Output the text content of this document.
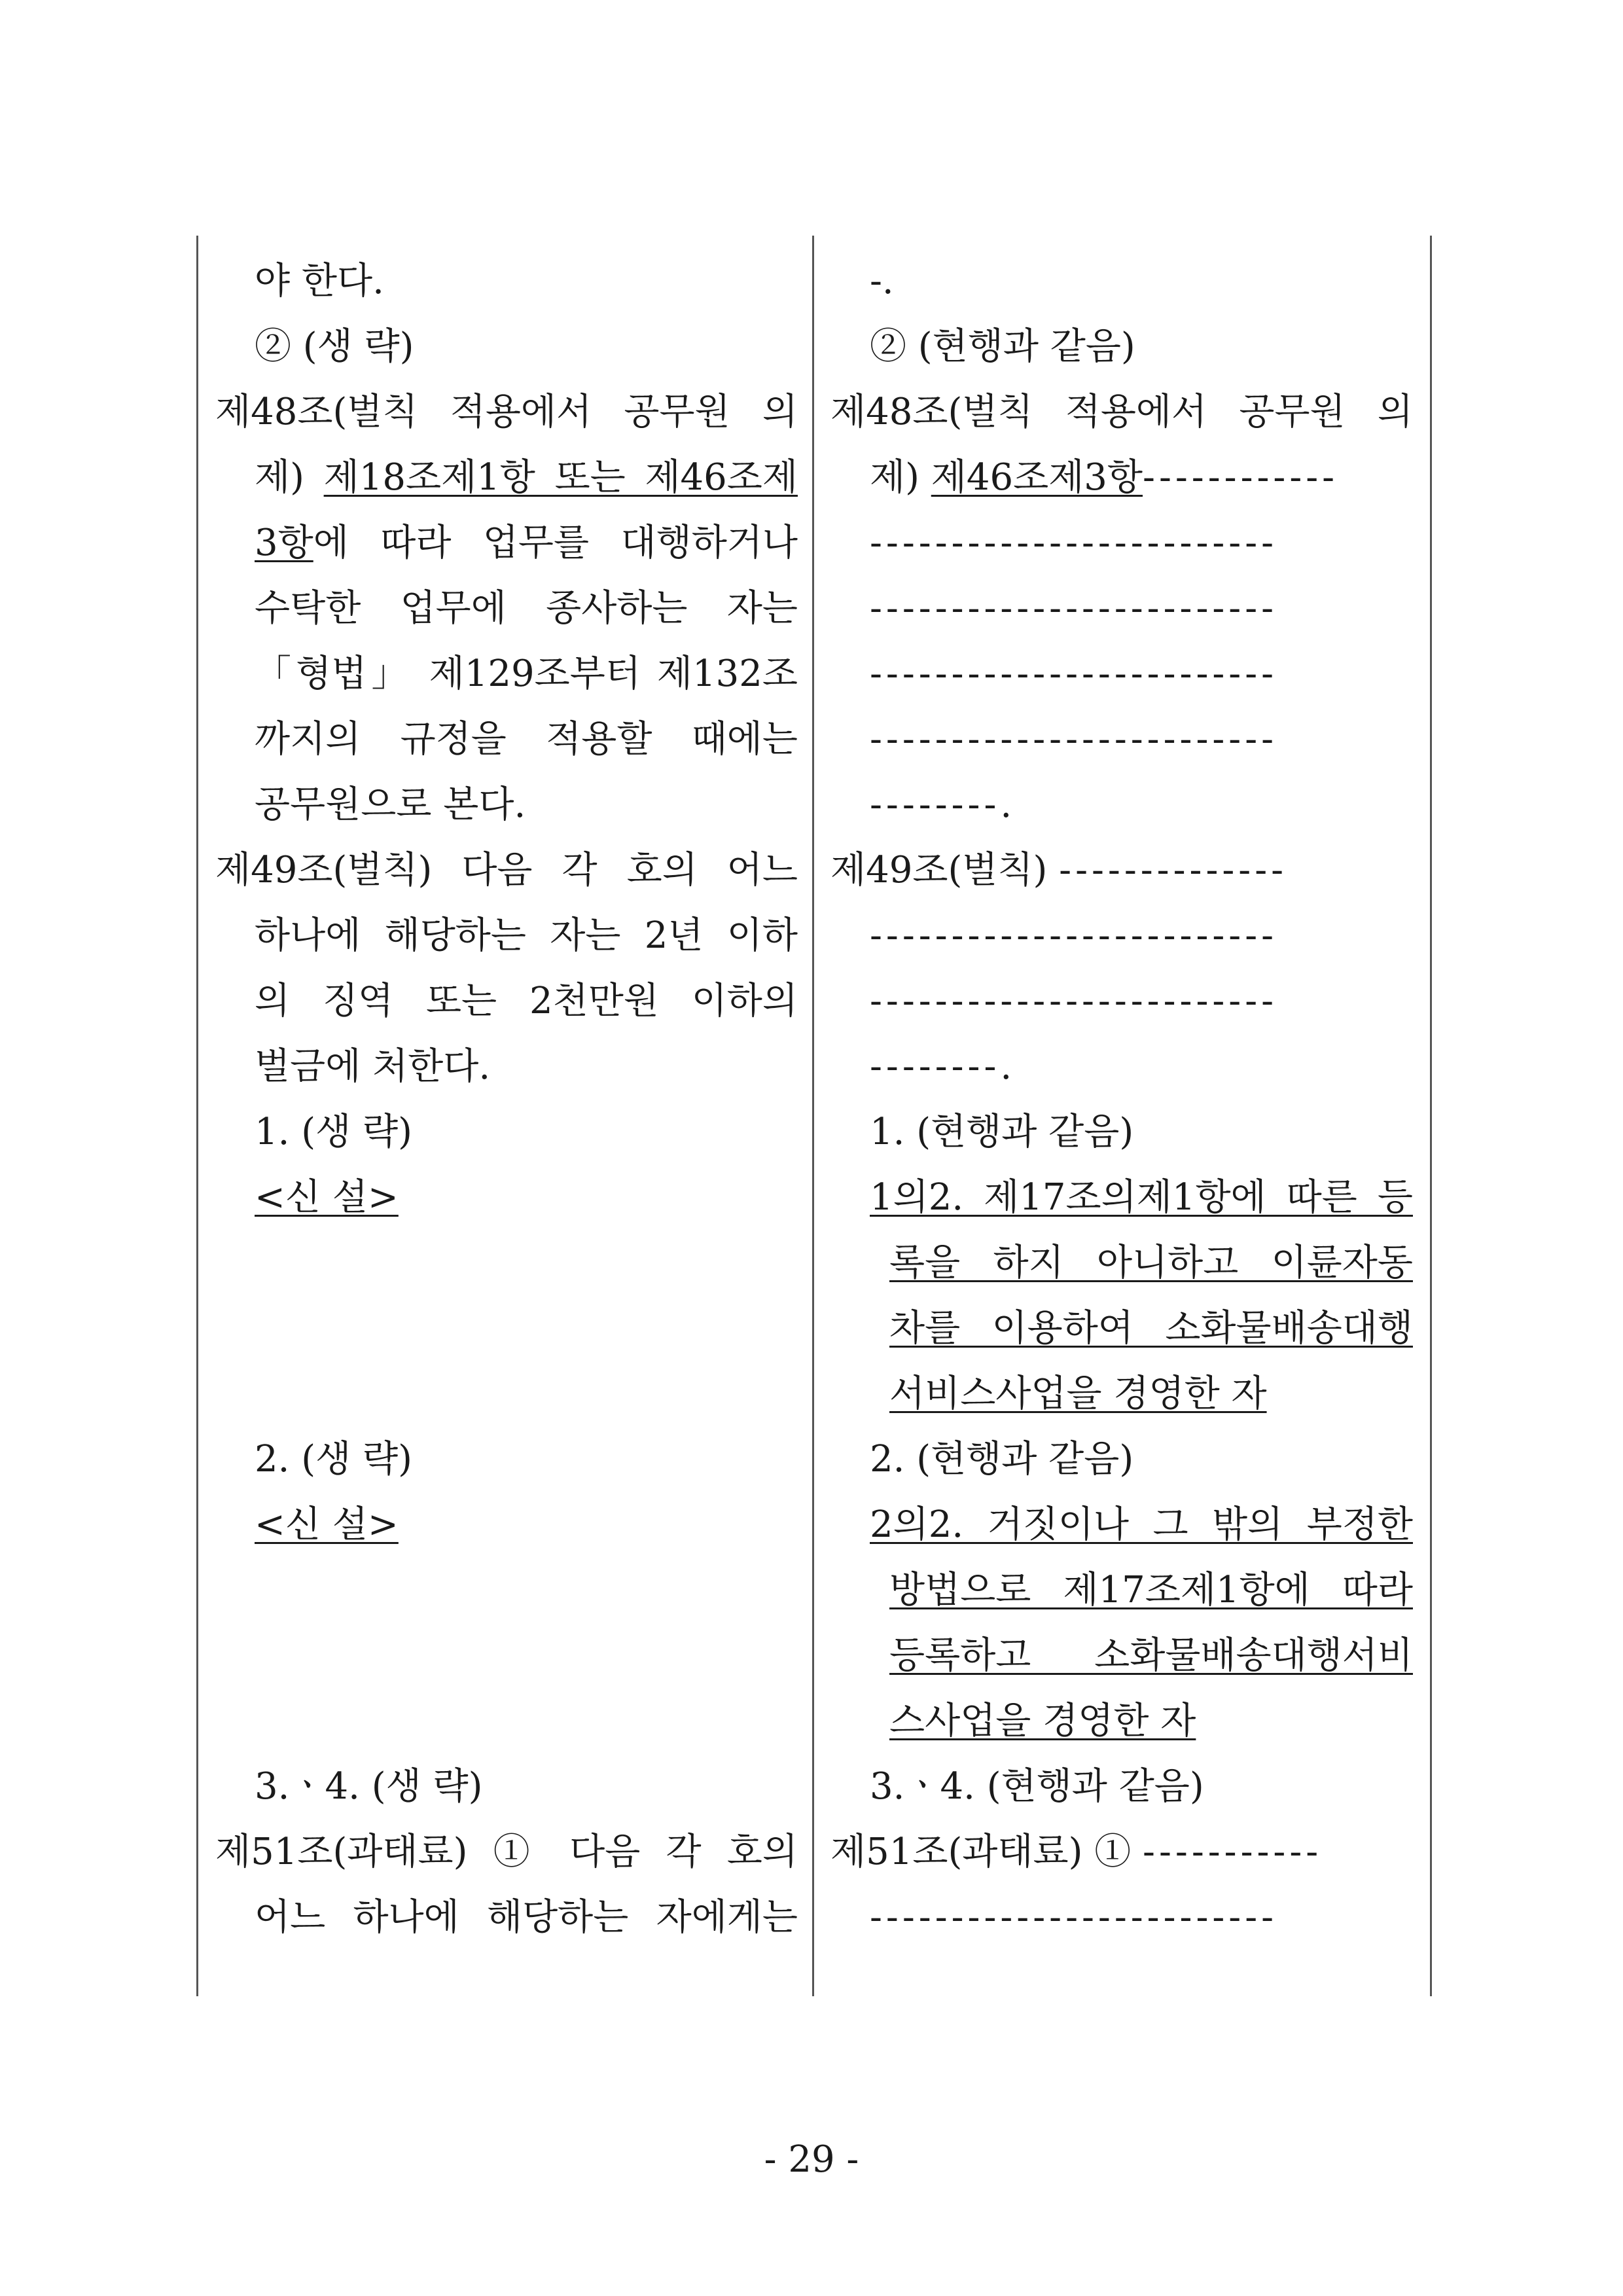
야 한다.
② (생 략)
제48조(벌칙 적용에서 공무원 의
제) 제18조제1항 또는 제46조제
3항에 따라 업무를 대행하거나
수탁한 업무에 종사하는 자는
「형법」 제129조부터 제132조
까지의 규정을 적용할 때에는
공무원으로 본다.
제49조(벌칙) 다음 각 호의 어느
하나에 해당하는 자는 2년 이하
의 징역 또는 2천만원 이하의
벌금에 처한다.
1. (생 략)
<신 설>
2. (생 략)
<신 설>
3.ㆍ4. (생 략)
제51조(과태료) ① 다음 각 호의
어느 하나에 해당하는 자에게는
-.
② (현행과 같음)
제48조(벌칙 적용에서 공무원 의
제) 제46조제3항------------
-------------------------
-------------------------
-------------------------
-------------------------
--------.
제49조(벌칙) --------------
-------------------------
-------------------------
--------.
1. (현행과 같음)
1의2. 제17조의제1항에 따른 등
록을 하지 아니하고 이륜자동
차를 이용하여 소화물배송대행
서비스사업을 경영한 자
2. (현행과 같음)
2의2. 거짓이나 그 밖의 부정한
방법으로 제17조제1항에 따라
등록하고 소화물배송대행서비
스사업을 경영한 자
3.ㆍ4. (현행과 같음)
제51조(과태료) ① -----------
-------------------------
- 29 -
